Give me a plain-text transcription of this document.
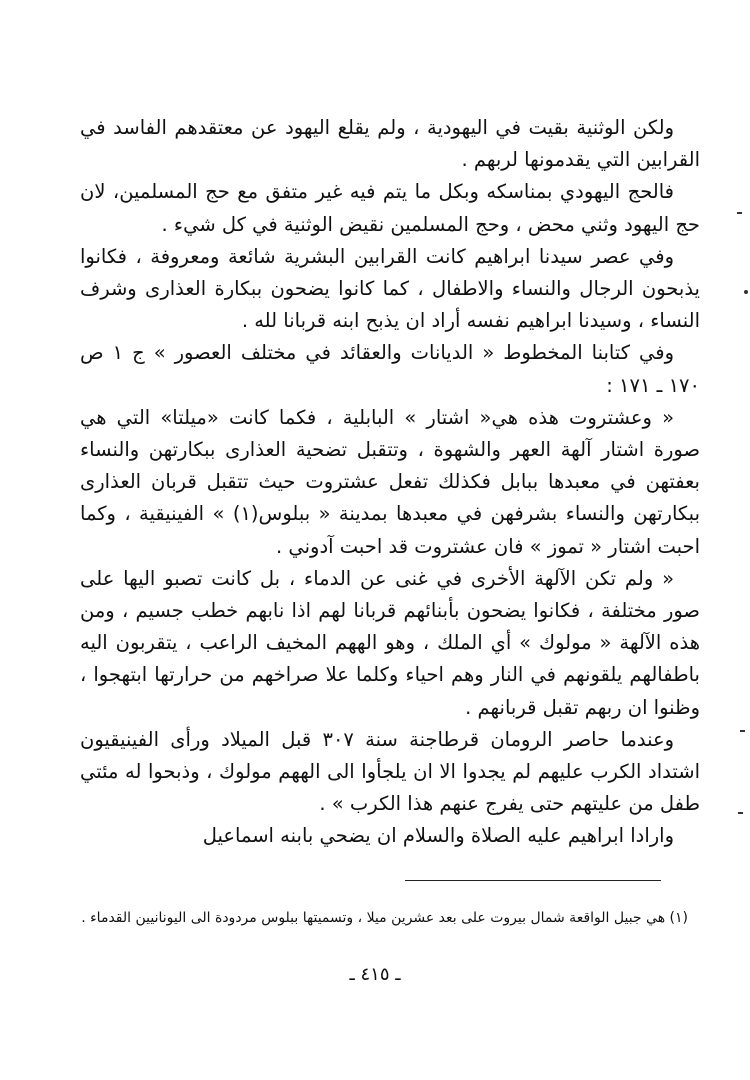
ولكن الوثنية بقيت في اليهودية ، ولم يقلع اليهود عن معتقدهم الفاسد في القرابين التي يقدمونها لربهم .

فالحج اليهودي بمناسكه وبكل ما يتم فيه غير متفق مع حج المسلمين، لان حج اليهود وثني محض ، وحج المسلمين نقيض الوثنية في كل شيء .

وفي عصر سيدنا ابراهيم كانت القرابين البشرية شائعة ومعروفة ، فكانوا يذبحون الرجال والنساء والاطفال ، كما كانوا يضحون ببكارة العذارى وشرف النساء ، وسيدنا ابراهيم نفسه أراد ان يذبح ابنه قربانا لله .

وفي كتابنا المخطوط « الديانات والعقائد في مختلف العصور » ج ١ ص ١٧٠ ـ ١٧١ :

« وعشتروت هذه هي« اشتار » البابلية ، فكما كانت «ميلتا» التي هي صورة اشتار آلهة العهر والشهوة ، وتتقبل تضحية العذارى ببكارتهن والنساء بعفتهن في معبدها ببابل فكذلك تفعل عشتروت حيث تتقبل قربان العذارى ببكارتهن والنساء بشرفهن في معبدها بمدينة « ببلوس(١) » الفينيقية ، وكما احبت اشتار « تموز » فان عشتروت قد احبت آدوني .

« ولم تكن الآلهة الأخرى في غنى عن الدماء ، بل كانت تصبو اليها على صور مختلفة ، فكانوا يضحون بأبنائهم قربانا لهم اذا نابهم خطب جسيم ، ومن هذه الآلهة « مولوك » أي الملك ، وهو الههم المخيف الراعب ، يتقربون اليه باطفالهم يلقونهم في النار وهم احياء وكلما علا صراخهم من حرارتها ابتهجوا ، وظنوا ان ربهم تقبل قربانهم .

وعندما حاصر الرومان قرطاجنة سنة ٣٠٧ قبل الميلاد ورأى الفينيقيون اشتداد الكرب عليهم لم يجدوا الا ان يلجأوا الى الههم مولوك ، وذبحوا له مئتي طفل من عليتهم حتى يفرج عنهم هذا الكرب » .

وارادا ابراهيم عليه الصلاة والسلام ان يضحي بابنه اسماعيل

(١) هي جبيل الواقعة شمال بيروت على بعد عشرين ميلا ، وتسميتها ببلوس مردودة الى اليونانيين القدماء .

ـ ٤١٥ ـ
